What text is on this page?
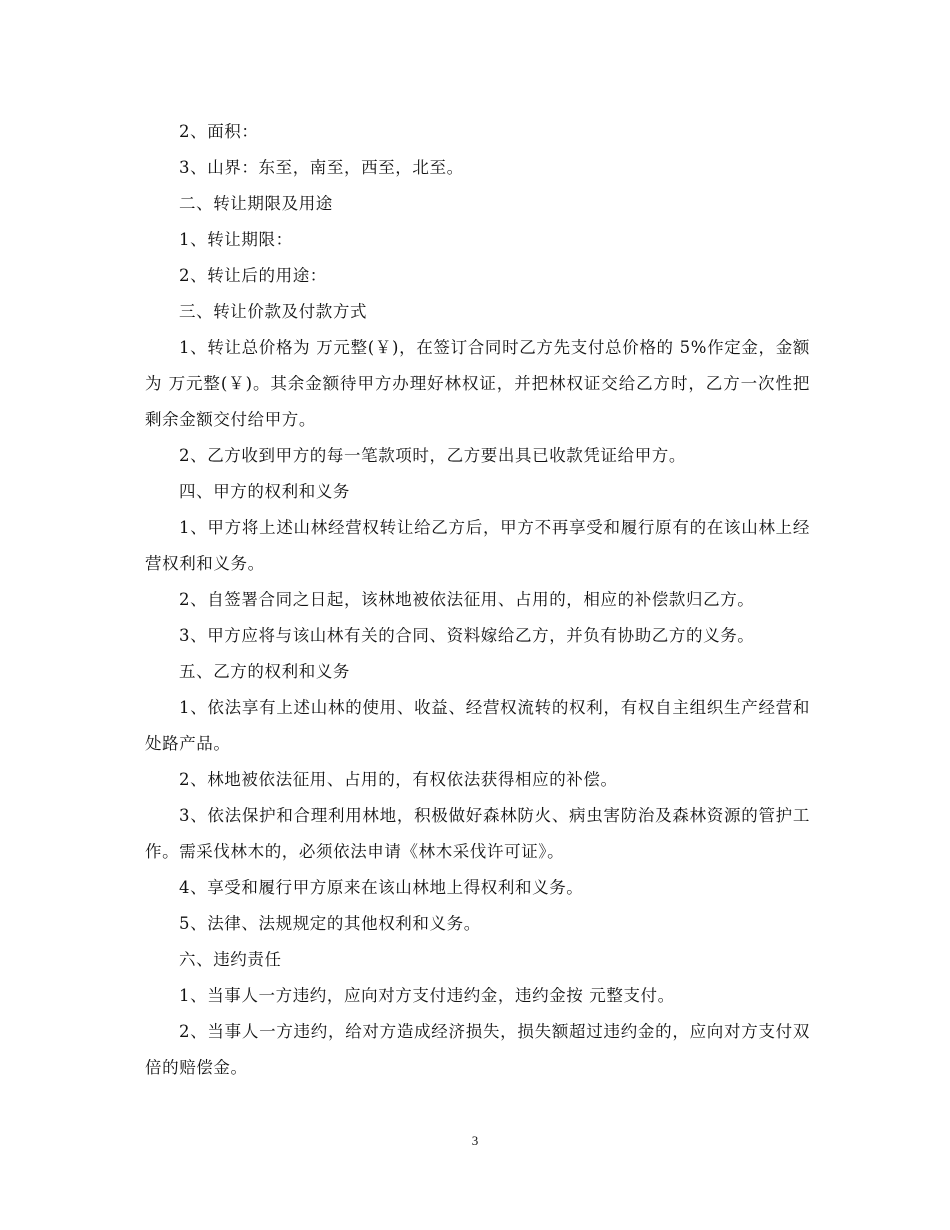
2、面积：

3、山界：东至，南至，西至，北至。

二、转让期限及用途

1、转让期限：

2、转让后的用途：

三、转让价款及付款方式

1、转让总价格为 万元整(￥)，在签订合同时乙方先支付总价格的 5%作定金，金额为 万元整(￥)。其余金额待甲方办理好林权证，并把林权证交给乙方时，乙方一次性把剩余金额交付给甲方。

2、乙方收到甲方的每一笔款项时，乙方要出具已收款凭证给甲方。

四、甲方的权利和义务

1、甲方将上述山林经营权转让给乙方后，甲方不再享受和履行原有的在该山林上经营权利和义务。

2、自签署合同之日起，该林地被依法征用、占用的，相应的补偿款归乙方。

3、甲方应将与该山林有关的合同、资料嫁给乙方，并负有协助乙方的义务。

五、乙方的权利和义务

1、依法享有上述山林的使用、收益、经营权流转的权利，有权自主组织生产经营和处路产品。

2、林地被依法征用、占用的，有权依法获得相应的补偿。

3、依法保护和合理利用林地，积极做好森林防火、病虫害防治及森林资源的管护工作。需采伐林木的，必须依法申请《林木采伐许可证》。

4、享受和履行甲方原来在该山林地上得权利和义务。

5、法律、法规规定的其他权利和义务。

六、违约责任

1、当事人一方违约，应向对方支付违约金，违约金按 元整支付。

2、当事人一方违约，给对方造成经济损失，损失额超过违约金的，应向对方支付双倍的赔偿金。

3
